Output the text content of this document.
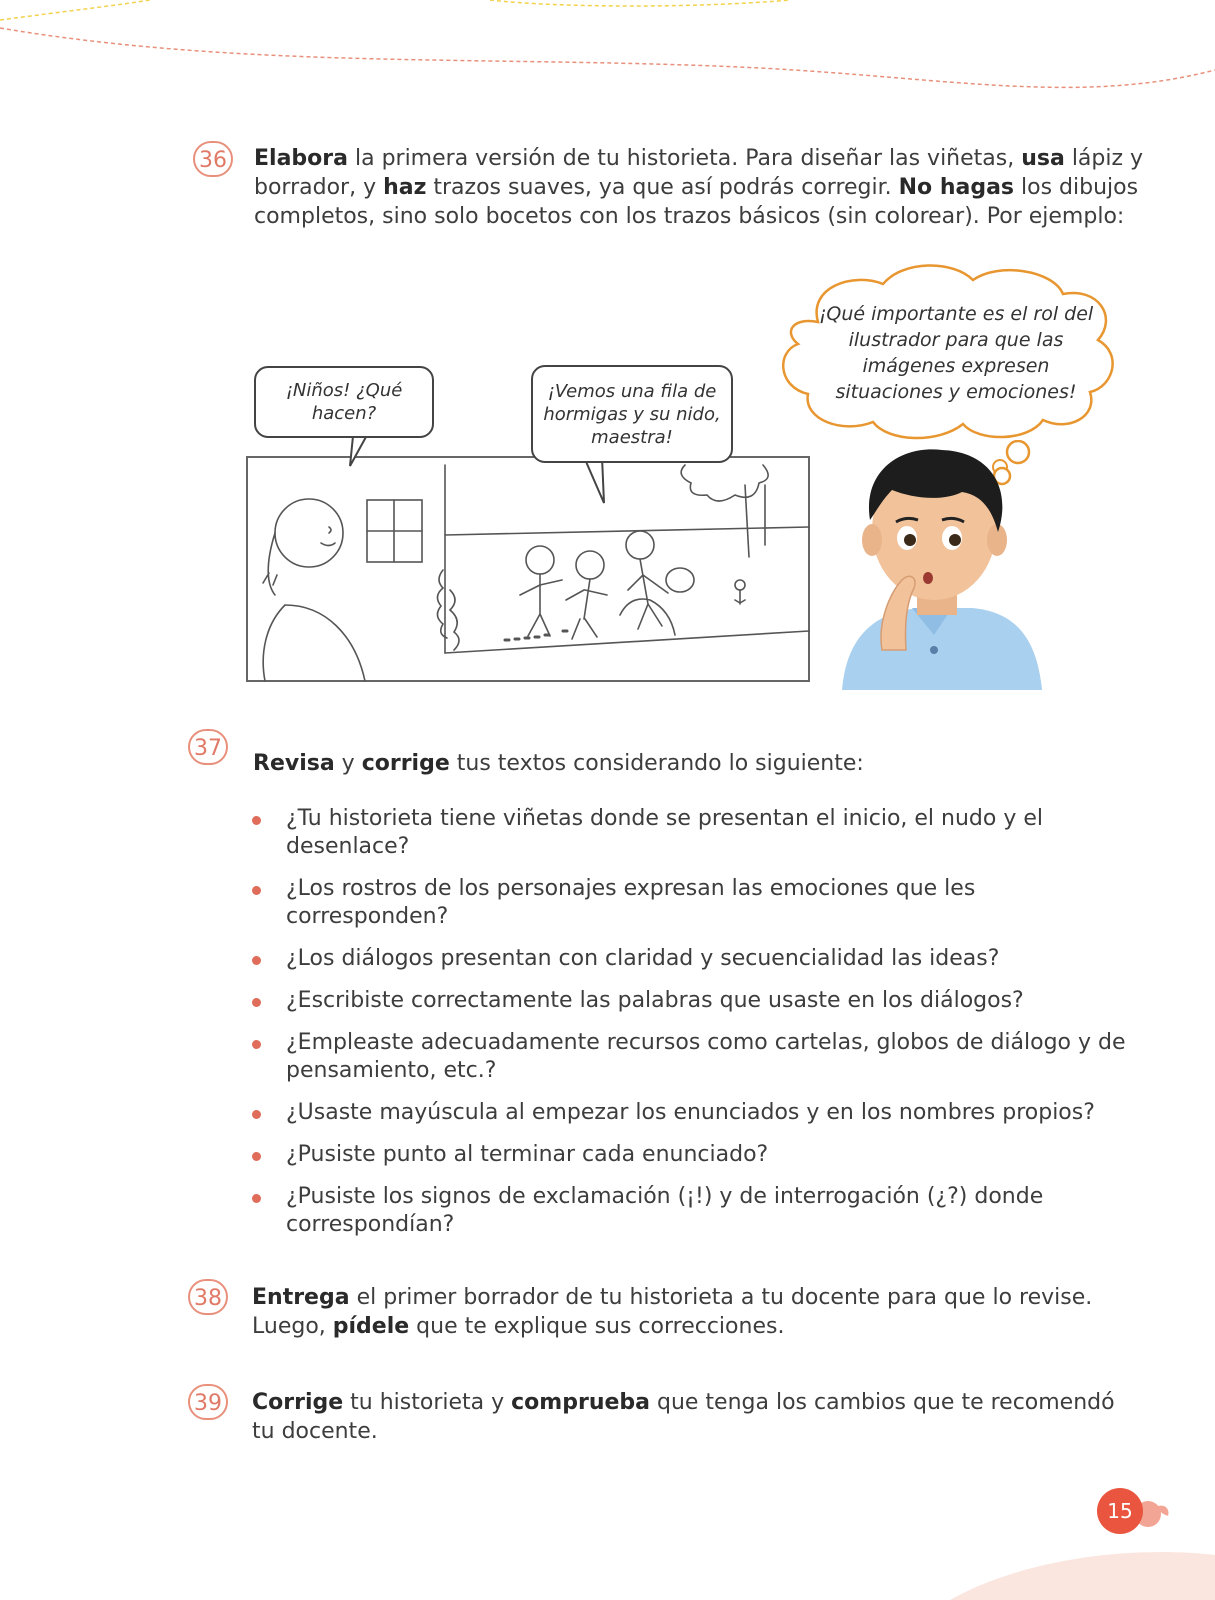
36 Elabora la primera versión de tu historieta. Para diseñar las viñetas, usa lápiz y borrador, y haz trazos suaves, ya que así podrás corregir. No hagas los dibujos completos, sino solo bocetos con los trazos básicos (sin colorear). Por ejemplo:

¡Niños! ¿Qué hacen?
¡Vemos una fila de hormigas y su nido, maestra!
¡Qué importante es el rol del ilustrador para que las imágenes expresen situaciones y emociones!
37

Revisa y corrige tus textos considerando lo siguiente:

¿Tu historieta tiene viñetas donde se presentan el inicio, el nudo y el desenlace?
¿Los rostros de los personajes expresan las emociones que les corresponden?
¿Los diálogos presentan con claridad y secuencialidad las ideas?
¿Escribiste correctamente las palabras que usaste en los diálogos?
¿Empleaste adecuadamente recursos como cartelas, globos de diálogo y de pensamiento, etc.?
¿Usaste mayúscula al empezar los enunciados y en los nombres propios?
¿Pusiste punto al terminar cada enunciado?
¿Pusiste los signos de exclamación (¡!) y de interrogación (¿?) donde correspondían?
38 Entrega el primer borrador de tu historieta a tu docente para que lo revise. Luego, pídele que te explique sus correcciones.

39 Corrige tu historieta y comprueba que tenga los cambios que te recomendó tu docente.

15
